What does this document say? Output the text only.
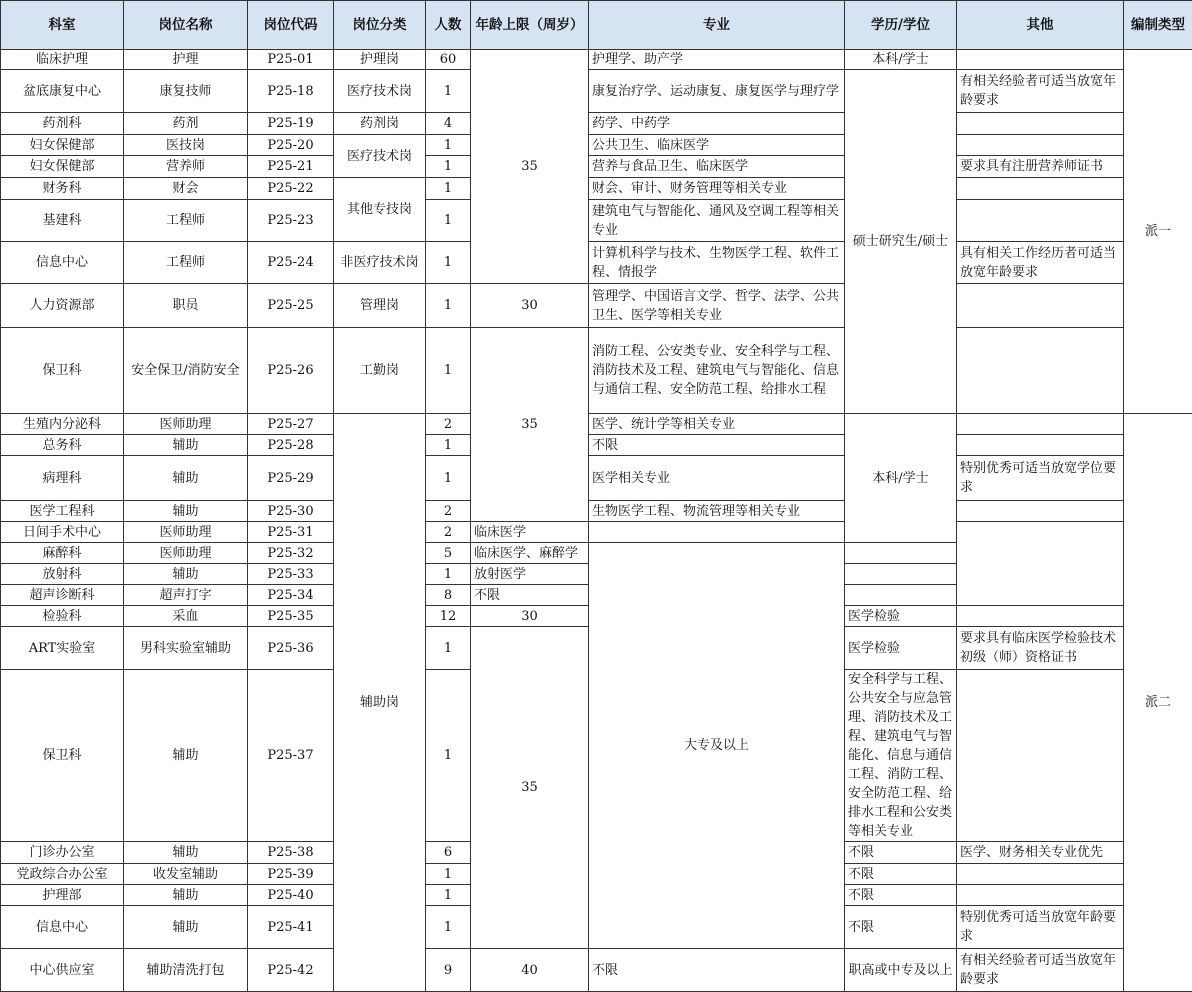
科室	岗位名称	岗位代码	岗位分类	人数	年龄上限（周岁）	专业	学历/学位	其他	编制类型
临床护理	护理	P25-01	护理岗	60	35	护理学、助产学	本科/学士		派一
盆底康复中心	康复技师	P25-18	医疗技术岗	1		康复治疗学、运动康复、康复医学与理疗学	硕士研究生/硕士	有相关经验者可适当放宽年龄要求	
药剂科	药剂	P25-19	药剂岗	4		药学、中药学			
妇女保健部	医技岗	P25-20	医疗技术岗	1		公共卫生、临床医学			
妇女保健部	营养师	P25-21		1		营养与食品卫生、临床医学		要求具有注册营养师证书	
财务科	财会	P25-22	其他专技岗	1		财会、审计、财务管理等相关专业			
基建科	工程师	P25-23		1		建筑电气与智能化、通风及空调工程等相关专业			
信息中心	工程师	P25-24	非医疗技术岗	1		计算机科学与技术、生物医学工程、软件工程、情报学		具有相关工作经历者可适当放宽年龄要求	
人力资源部	职员	P25-25	管理岗	1	30	管理学、中国语言文学、哲学、法学、公共卫生、医学等相关专业			
保卫科	安全保卫/消防安全	P25-26	工勤岗	1	35	消防工程、公安类专业、安全科学与工程、消防技术及工程、建筑电气与智能化、信息与通信工程、安全防范工程、给排水工程			
生殖内分泌科	医师助理	P25-27	辅助岗	2		医学、统计学等相关专业	本科/学士		派二
总务科	辅助	P25-28		1		不限			
病理科	辅助	P25-29		1		医学相关专业		特别优秀可适当放宽学位要求	
医学工程科	辅助	P25-30		2		生物医学工程、物流管理等相关专业			
日间手术中心	医师助理	P25-31		2	临床医学				
麻醉科	医师助理	P25-32		5	临床医学、麻醉学	大专及以上			
放射科	辅助	P25-33		1	放射医学				
超声诊断科	超声打字	P25-34		8	不限				
检验科	采血	P25-35		12	30		医学检验		
ART实验室	男科实验室辅助	P25-36		1	35		医学检验	要求具有临床医学检验技术初级（师）资格证书	
保卫科	辅助	P25-37		1			安全科学与工程、公共安全与应急管理、消防技术及工程、建筑电气与智能化、信息与通信工程、消防工程、安全防范工程、给排水工程和公安类等相关专业		
门诊办公室	辅助	P25-38		6			不限	医学、财务相关专业优先	
党政综合办公室	收发室辅助	P25-39		1			不限		
护理部	辅助	P25-40		1			不限		
信息中心	辅助	P25-41		1			不限	特别优秀可适当放宽年龄要求	
中心供应室	辅助清洗打包	P25-42		9	40	不限	职高或中专及以上	有相关经验者可适当放宽年龄要求	
